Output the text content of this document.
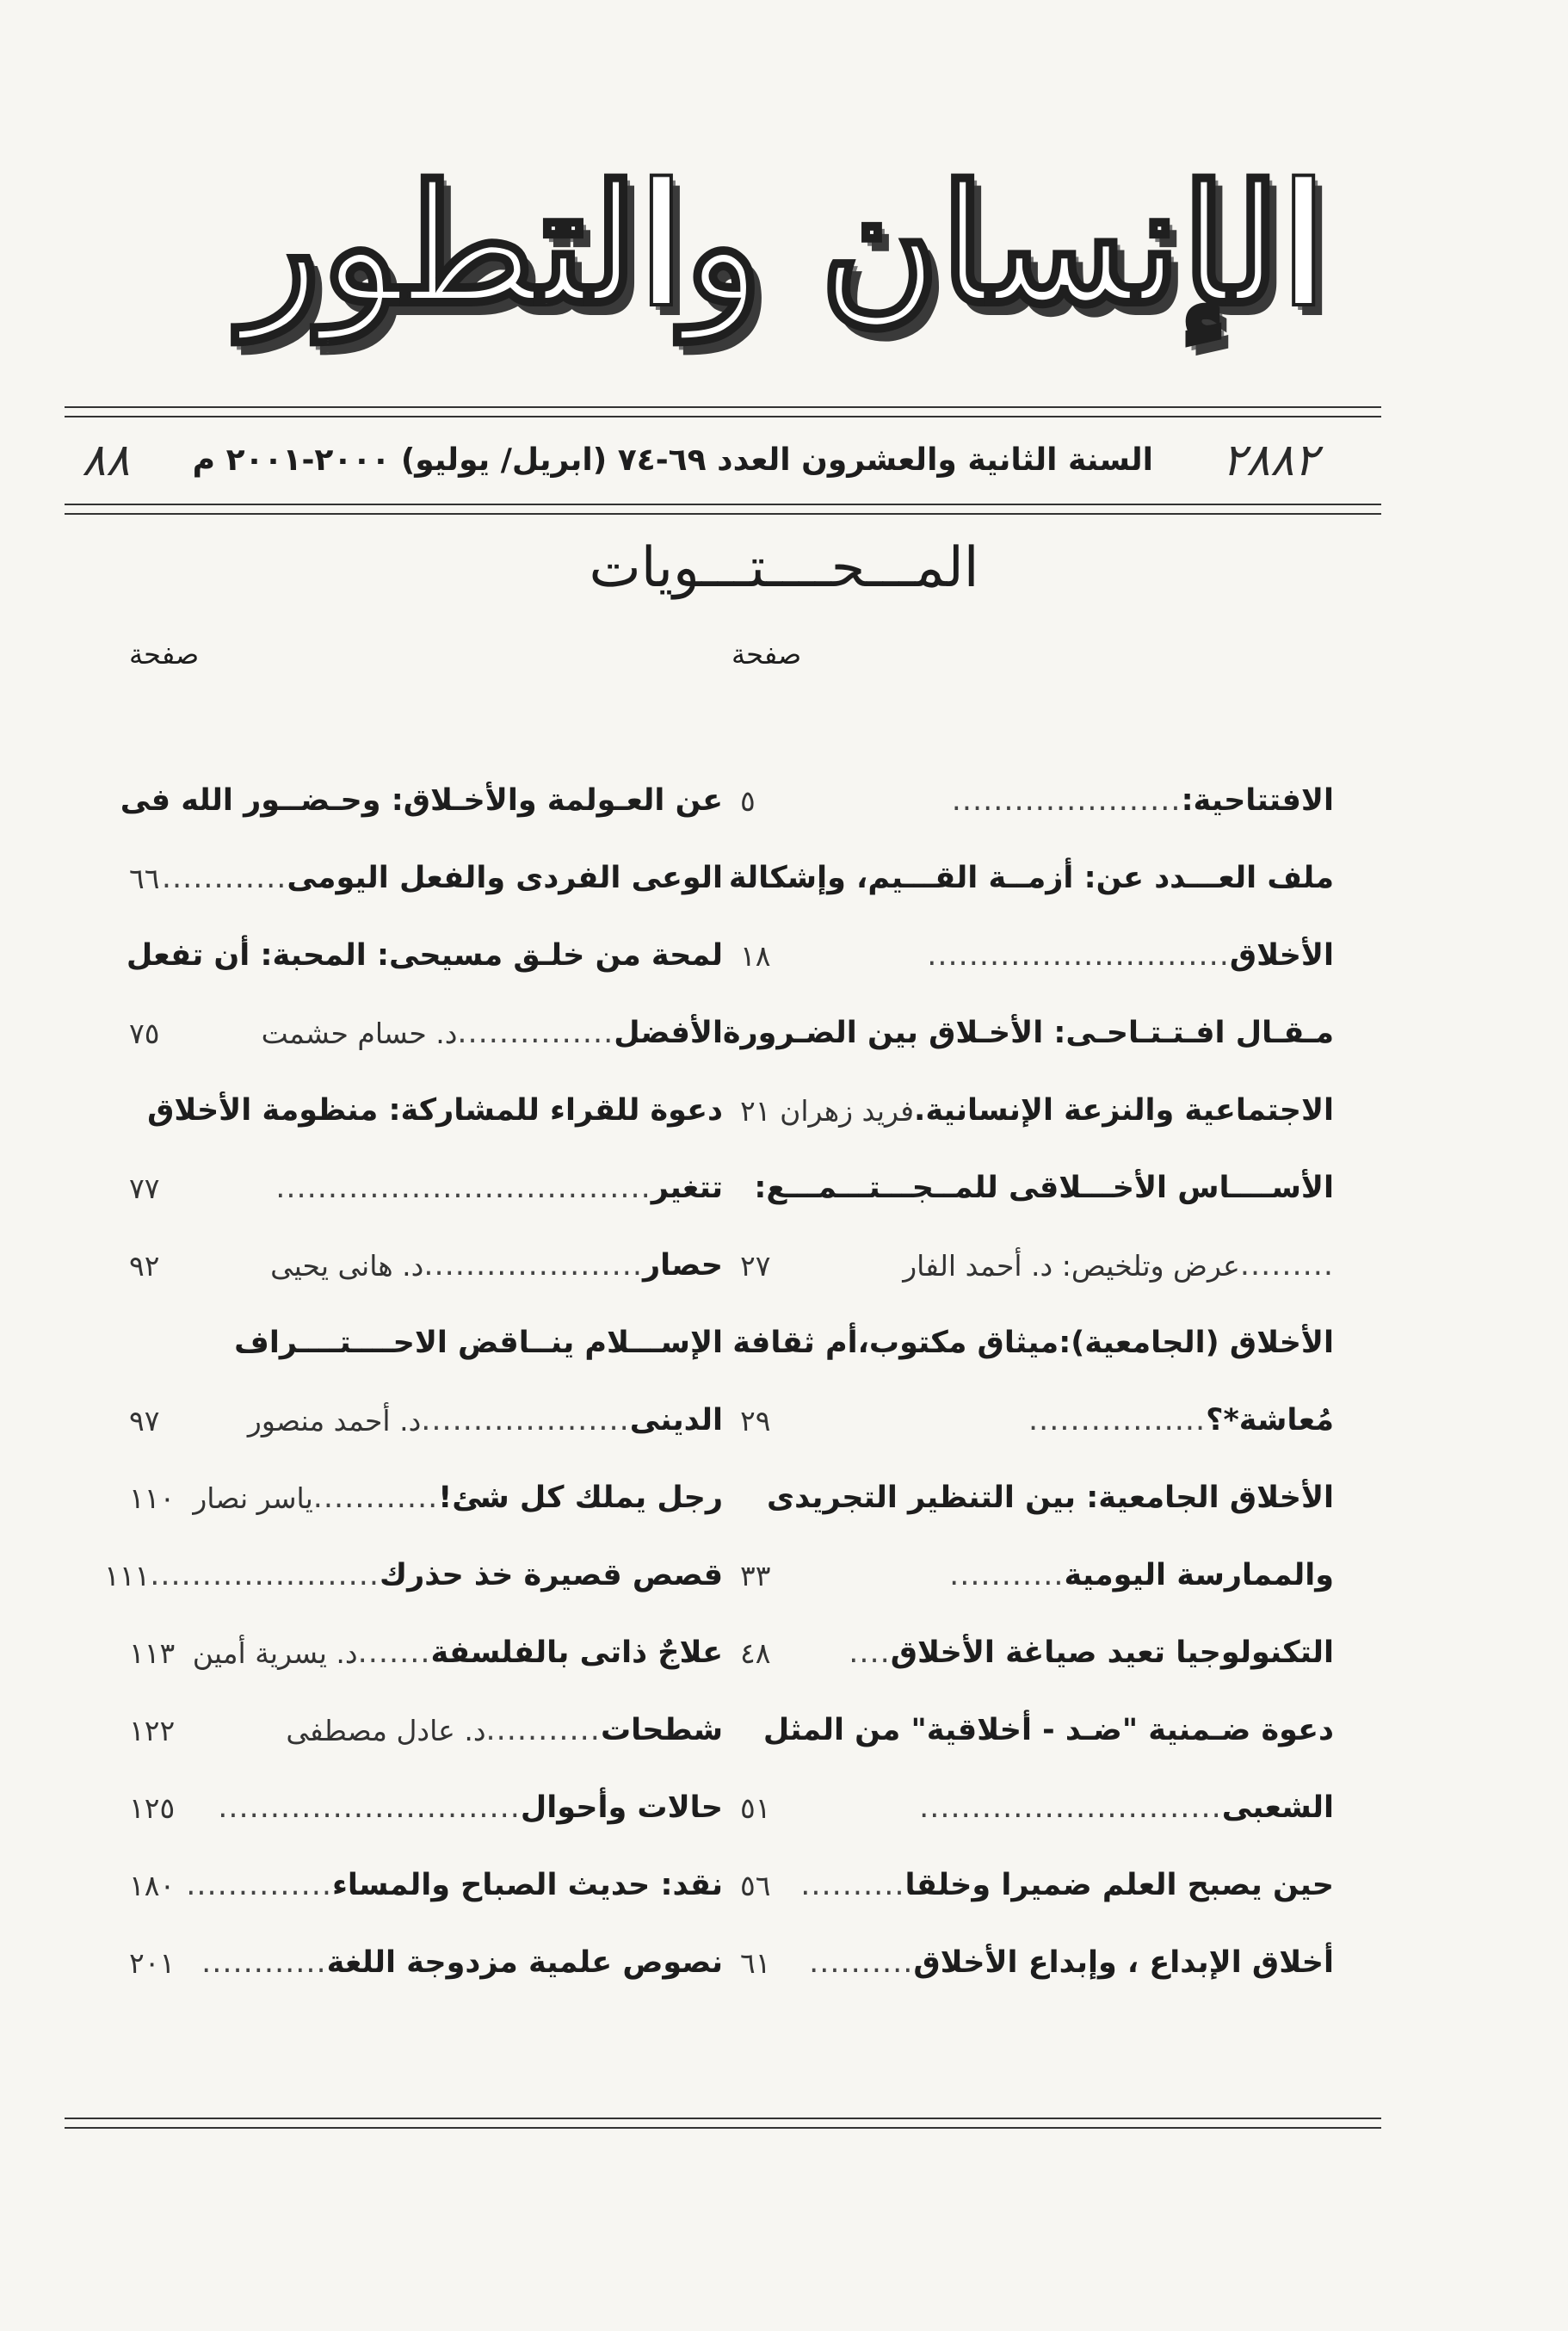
الإنسان والتطور
السنة الثانية والعشرون العدد ٦٩-٧٤ (ابريل/ يوليو) ٢٠٠٠-٢٠٠١ م ٢٨٨٢
٨٨
المـــحــــتـــويات
صفحة
صفحة
الافتتاحية:
......................
٥
ملف العـــدد عن: أزمــة القـــيم، وإشكالة
الأخلاق
.............................
١٨
مـقـال افـتـتـاحـى: الأخـلاق بين الضـرورة
الاجتماعية والنزعة الإنسانية.
فريد زهران
٢١
الأســــاس الأخـــلاقى للمــجـــتـــمـــع:
.........
عرض وتلخيص: د. أحمد الفار
٢٧
الأخلاق (الجامعية):ميثاق مكتوب،أم ثقافة
مُعاشة*؟
.................
٢٩
الأخلاق الجامعية: بين التنظير التجريدى
والممارسة اليومية
...........
٣٣
التكنولوجيا تعيد صياغة الأخلاق
....
٤٨
دعوة ضـمنية "ضـد - أخلاقية" من المثل
الشعبى
.............................
٥١
حين يصبح العلم ضميرا وخلقا
..........
٥٦
أخلاق الإبداع ، وإبداع الأخلاق
..........
٦١
عن العـولمة والأخـلاق: وحـضــور الله فى
الوعى الفردى والفعل اليومى
............
٦٦
لمحة من خلـق مسيحى: المحبة: أن تفعل
الأفضل
...............
د. حسام حشمت
٧٥
دعوة للقراء للمشاركة: منظومة الأخلاق
تتغير
....................................
٧٧
حصار
.....................
د. هانى يحيى
٩٢
الإســـلام ينــاقض الاحــــتــــراف
الدينى
....................
د. أحمد منصور
٩٧
رجل يملك كل شئ!
............
ياسر نصار
١١٠
قصص قصيرة خذ حذرك
......................
١١١
علاجٌ ذاتى بالفلسفة
.......
د. يسرية أمين
١١٣
شطحات
...........
د. عادل مصطفى
١٢٢
حالات وأحوال
.............................
١٢٥
نقد: حديث الصباح والمساء
..............
١٨٠
نصوص علمية مزدوجة اللغة
............
٢٠١
